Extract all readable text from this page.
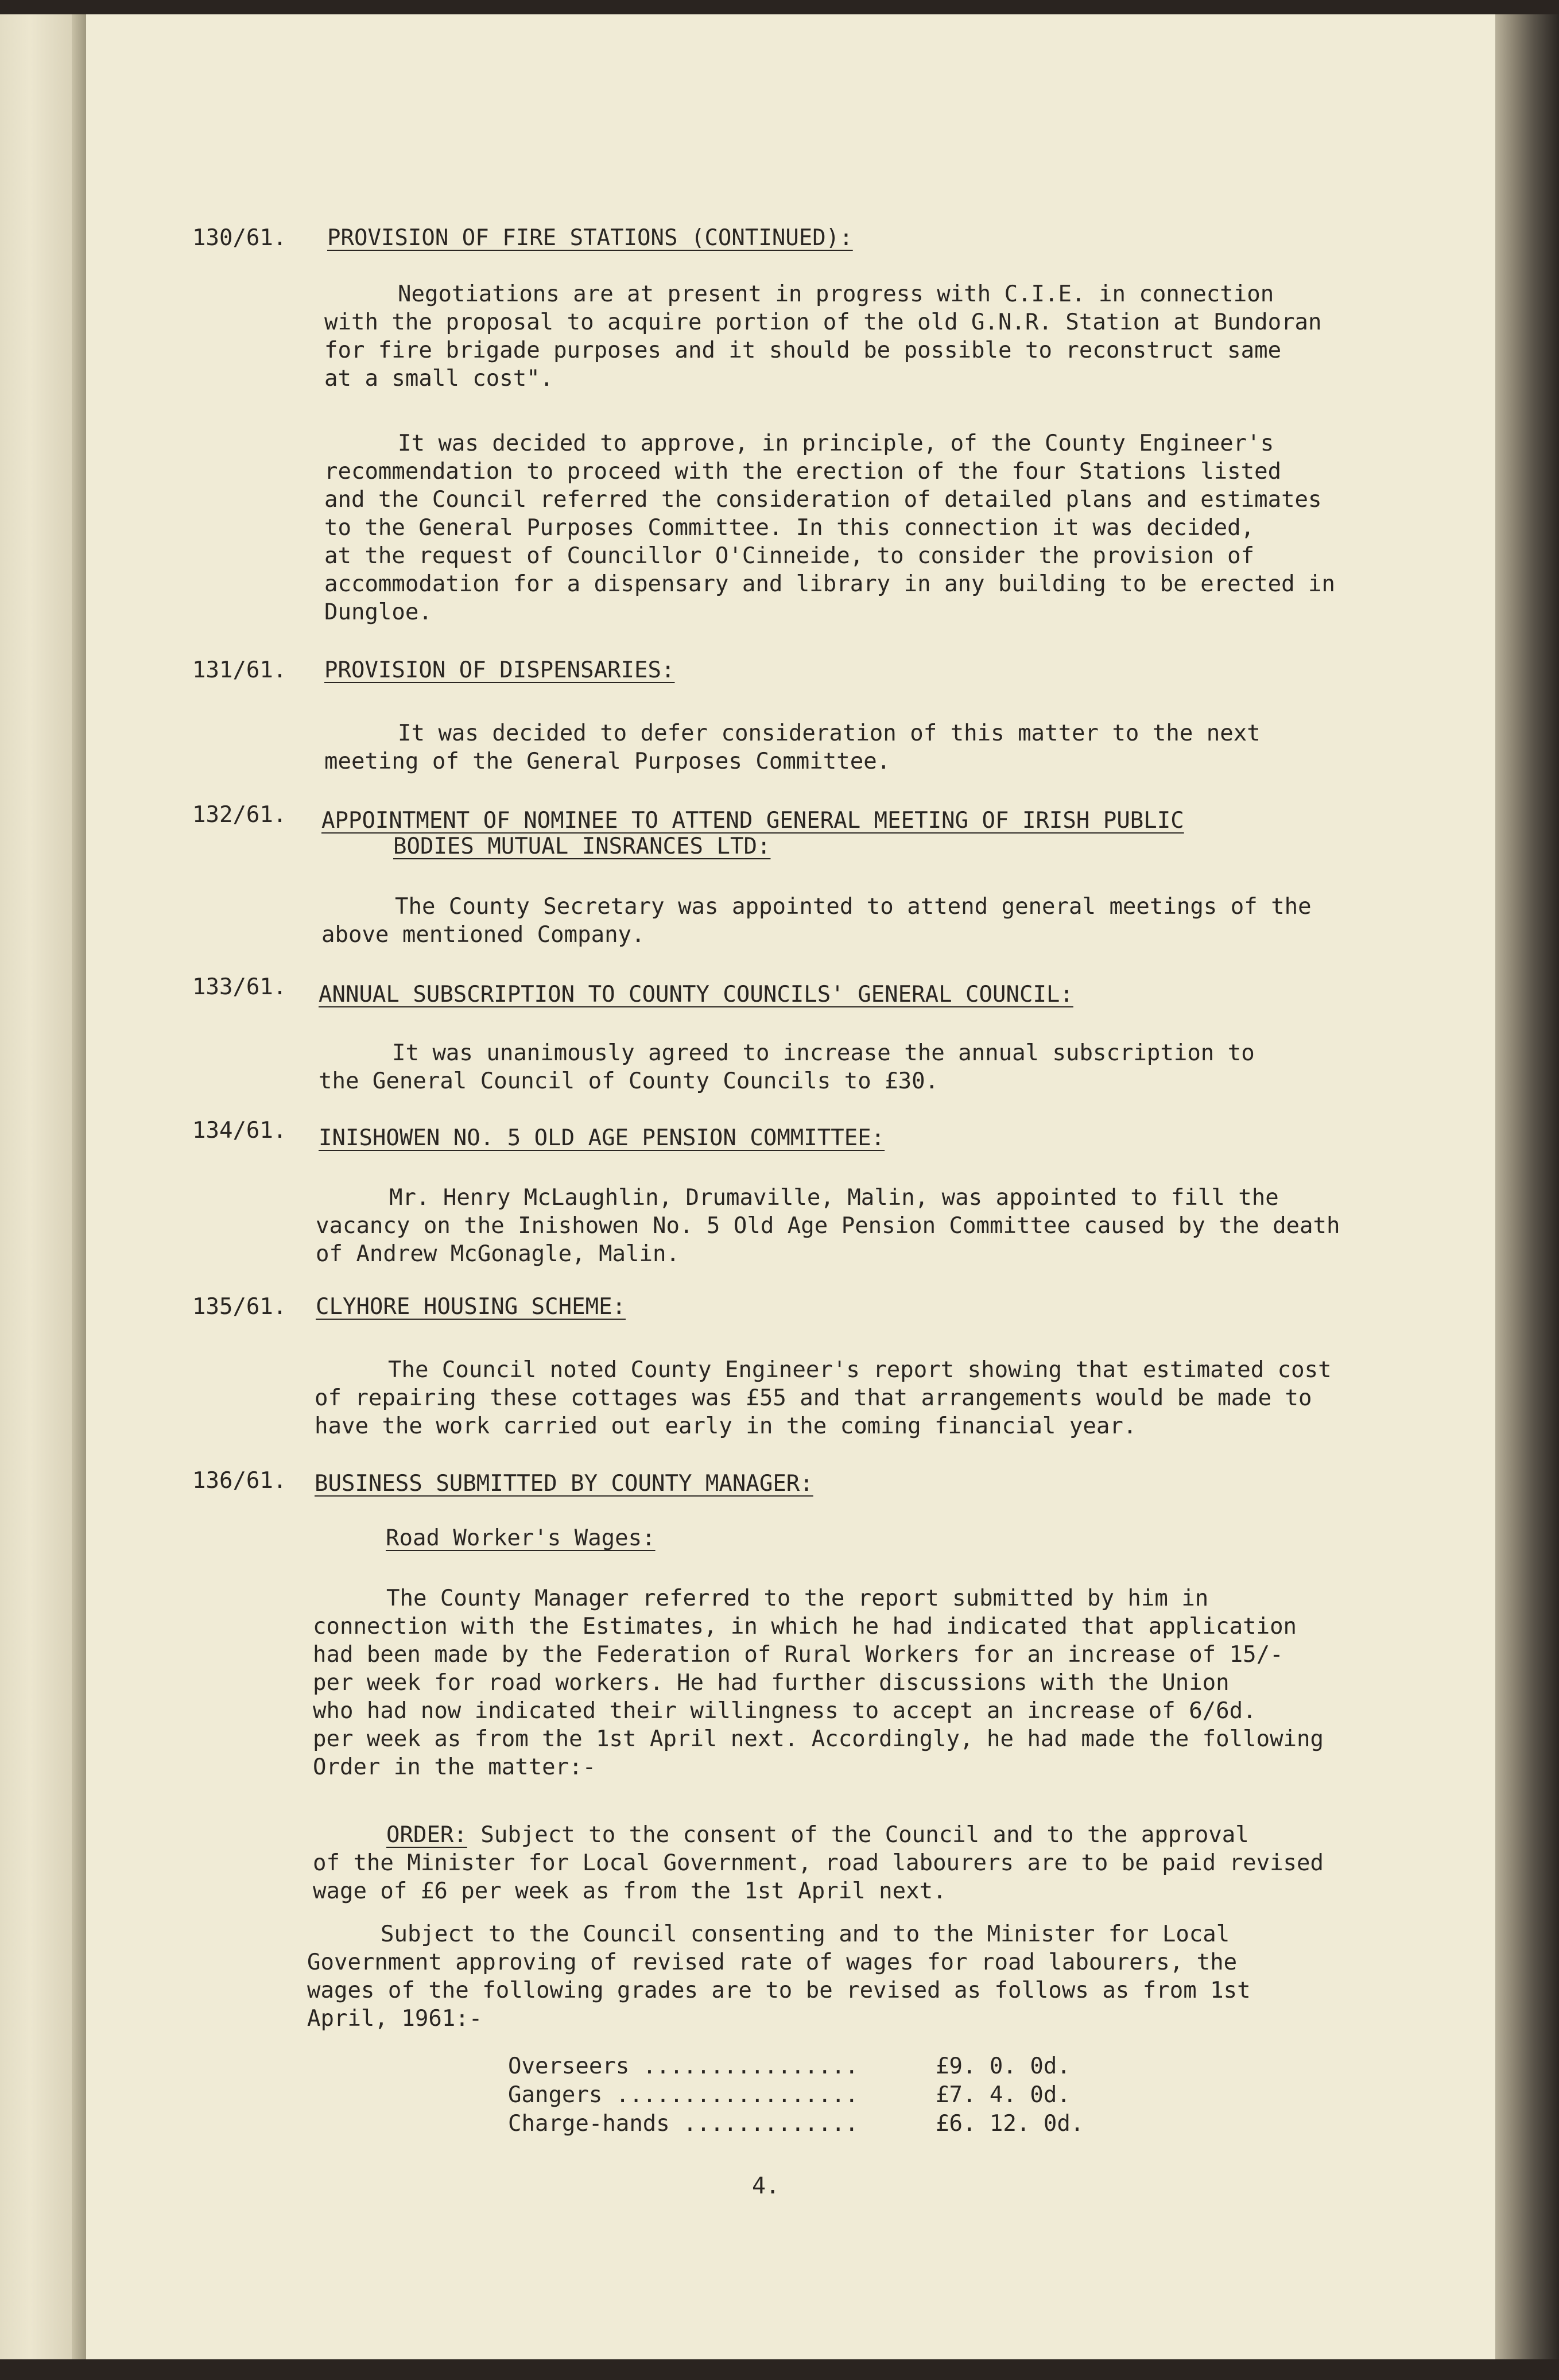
130/61. PROVISION OF FIRE STATIONS (CONTINUED):
Negotiations are at present in progress with C.I.E. in connection
with the proposal to acquire portion of the old G.N.R. Station at Bundoran
for fire brigade purposes and it should be possible to reconstruct same
at a small cost".
It was decided to approve, in principle, of the County Engineer's
recommendation to proceed with the erection of the four Stations listed
and the Council referred the consideration of detailed plans and estimates
to the General Purposes Committee. In this connection it was decided,
at the request of Councillor O'Cinneide, to consider the provision of
accommodation for a dispensary and library in any building to be erected in
Dungloe.
131/61. PROVISION OF DISPENSARIES:
It was decided to defer consideration of this matter to the next
meeting of the General Purposes Committee.
132/61. APPOINTMENT OF NOMINEE TO ATTEND GENERAL MEETING OF IRISH PUBLIC
BODIES MUTUAL INSRANCES LTD:
The County Secretary was appointed to attend general meetings of the
above mentioned Company.
133/61. ANNUAL SUBSCRIPTION TO COUNTY COUNCILS' GENERAL COUNCIL:
It was unanimously agreed to increase the annual subscription to
the General Council of County Councils to £30.
134/61. INISHOWEN NO. 5 OLD AGE PENSION COMMITTEE:
Mr. Henry McLaughlin, Drumaville, Malin, was appointed to fill the
vacancy on the Inishowen No. 5 Old Age Pension Committee caused by the death
of Andrew McGonagle, Malin.
135/61. CLYHORE HOUSING SCHEME:
The Council noted County Engineer's report showing that estimated cost
of repairing these cottages was £55 and that arrangements would be made to
have the work carried out early in the coming financial year.
136/61. BUSINESS SUBMITTED BY COUNTY MANAGER:
Road Worker's Wages:
The County Manager referred to the report submitted by him in
connection with the Estimates, in which he had indicated that application
had been made by the Federation of Rural Workers for an increase of 15/-
per week for road workers. He had further discussions with the Union
who had now indicated their willingness to accept an increase of 6/6d.
per week as from the 1st April next. Accordingly, he had made the following
Order in the matter:-
ORDER: Subject to the consent of the Council and to the approval
of the Minister for Local Government, road labourers are to be paid revised
wage of £6 per week as from the 1st April next.
Subject to the Council consenting and to the Minister for Local
Government approving of revised rate of wages for road labourers, the
wages of the following grades are to be revised as follows as from 1st
April, 1961:-
Overseers ................	£9. 0. 0d.
Gangers ..................	£7. 4. 0d.
Charge-hands .............	£6. 12. 0d.
4.
